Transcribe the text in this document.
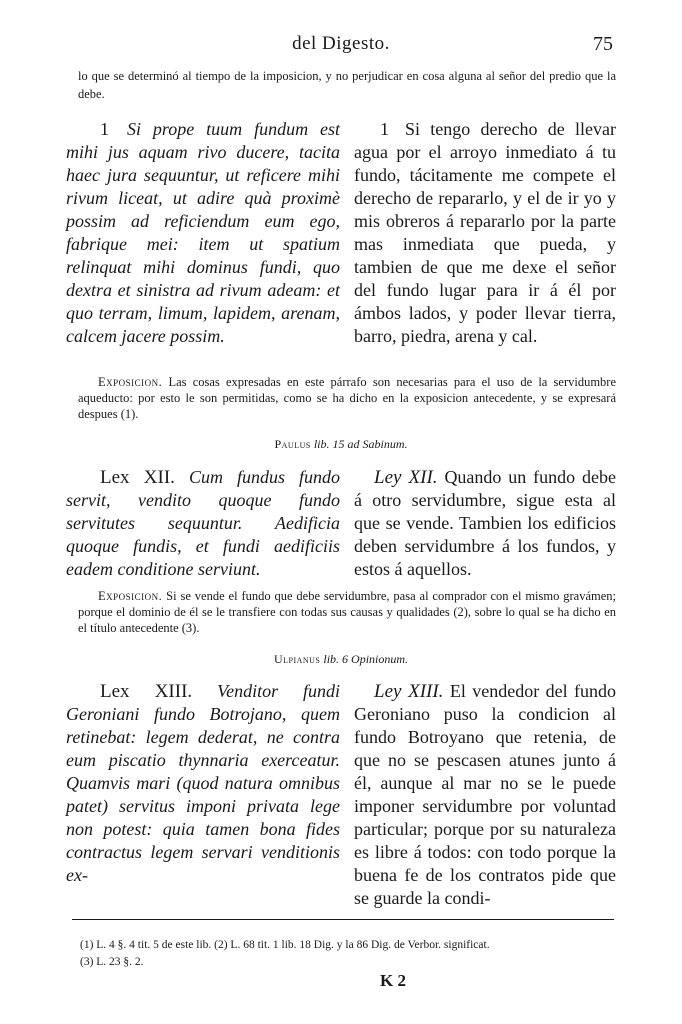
del Digesto.	75
lo que se determinó al tiempo de la imposicion, y no perjudicar en cosa alguna al señor del predio que la debe.
1 Si prope tuum fundum est mihi jus aquam rivo ducere, tacita haec jura sequuntur, ut reficere mihi rivum liceat, ut adire quà proximè possim ad reficiendum eum ego, fabrique mei: item ut spatium relinquat mihi dominus fundi, quo dextra et sinistra ad rivum adeam: et quo terram, limum, lapidem, arenam, calcem jacere possim.
1 Si tengo derecho de llevar agua por el arroyo inmediato á tu fundo, tácitamente me compete el derecho de repararlo, y el de ir yo y mis obreros á repararlo por la parte mas inmediata que pueda, y tambien de que me dexe el señor del fundo lugar para ir á él por ámbos lados, y poder llevar tierra, barro, piedra, arena y cal.
Exposicion. Las cosas expresadas en este párrafo son necesarias para el uso de la servidumbre aqueducto: por esto le son permitidas, como se ha dicho en la exposicion antecedente, y se expresará despues (1).
Paulus lib. 15 ad Sabinum.
Lex XII. Cum fundus fundo servit, vendito quoque fundo servitutes sequuntur. Aedificia quoque fundis, et fundi aedificiis eadem conditione serviunt.
Ley XII. Quando un fundo debe á otro servidumbre, sigue esta al que se vende. Tambien los edificios deben servidumbre á los fundos, y estos á aquellos.
Exposicion. Si se vende el fundo que debe servidumbre, pasa al comprador con el mismo gravámen; porque el dominio de él se le transfiere con todas sus causas y qualidades (2), sobre lo qual se ha dicho en el título antecedente (3).
Ulpianus lib. 6 Opinionum.
Lex XIII. Venditor fundi Geroniani fundo Botrojano, quem retinebat: legem dederat, ne contra eum piscatio thynnaria exerceatur. Quamvis mari (quod natura omnibus patet) servitus imponi privata lege non potest: quia tamen bona fides contractus legem servari venditionis ex-
Ley XIII. El vendedor del fundo Geroniano puso la condicion al fundo Botroyano que retenia, de que no se pescasen atunes junto á él, aunque al mar no se le puede imponer servidumbre por voluntad particular; porque por su naturaleza es libre á todos: con todo porque la buena fe de los contratos pide que se guarde la condi-
(1) L. 4 §. 4 tit. 5 de este lib. (2) L. 68 tit. 1 lib. 18 Dig. y la 86 Dig. de Verbor. significat.
(3) L. 23 §. 2.
K 2
